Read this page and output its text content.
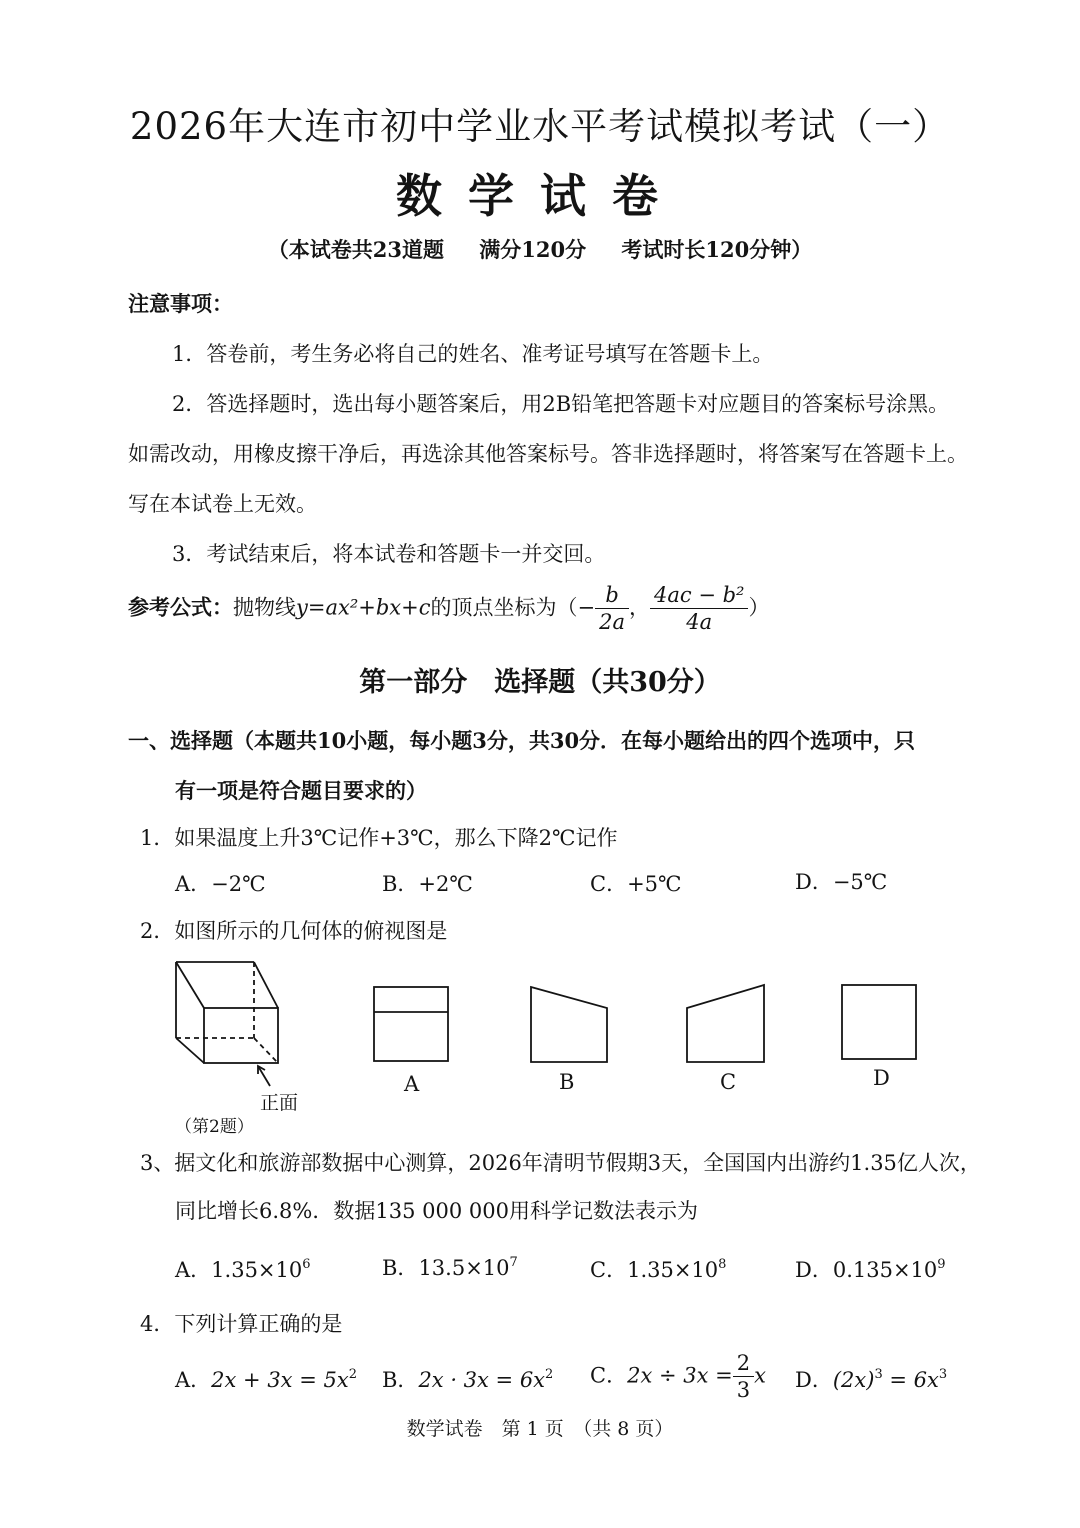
2026年大连市初中学业水平考试模拟考试（一）
数学试卷
（本试卷共23道题 满分120分 考试时长120分钟）
注意事项：
1．答卷前，考生务必将自己的姓名、准考证号填写在答题卡上。
2．答选择题时，选出每小题答案后，用2B铅笔把答题卡对应题目的答案标号涂黑。
如需改动，用橡皮擦干净后，再选涂其他答案标号。答非选择题时，将答案写在答题卡上。
写在本试卷上无效。
3．考试结束后，将本试卷和答题卡一并交回。
参考公式：抛物线y=ax²+bx+c的顶点坐标为（− $\frac{b}{2a}$ ， $\frac{\text{4ac − b²}}{4a}$ ）
第一部分　选择题（共30分）
一、选择题（本题共10小题，每小题3分，共30分．在每小题给出的四个选项中，只
有一项是符合题目要求的）
1．如果温度上升3℃记作+3℃，那么下降2℃记作
A．−2℃	B．+2℃	C．+5℃	D．−5℃
2．如图所示的几何体的俯视图是
正面
（第2题）
A	B	C	D
3、据文化和旅游部数据中心测算，2026年清明节假期3天，全国国内出游约1.35亿人次，
同比增长6.8%．数据135 000 000用科学记数法表示为
A．$1.35\times 10^6$	B．$13.5\times 10^7$	C．$1.35\times 10^8$	D．$0.135\times 10^9$
4．下列计算正确的是
A．$2x + 3x = 5x^2$ B．$2x \cdot 3x = 6x^2$ C．$2x \div 3x = \frac{2}{3}$ x D．$(2x)^3 = 6x^3$
数学试卷　第 1 页　（共 8 页）
